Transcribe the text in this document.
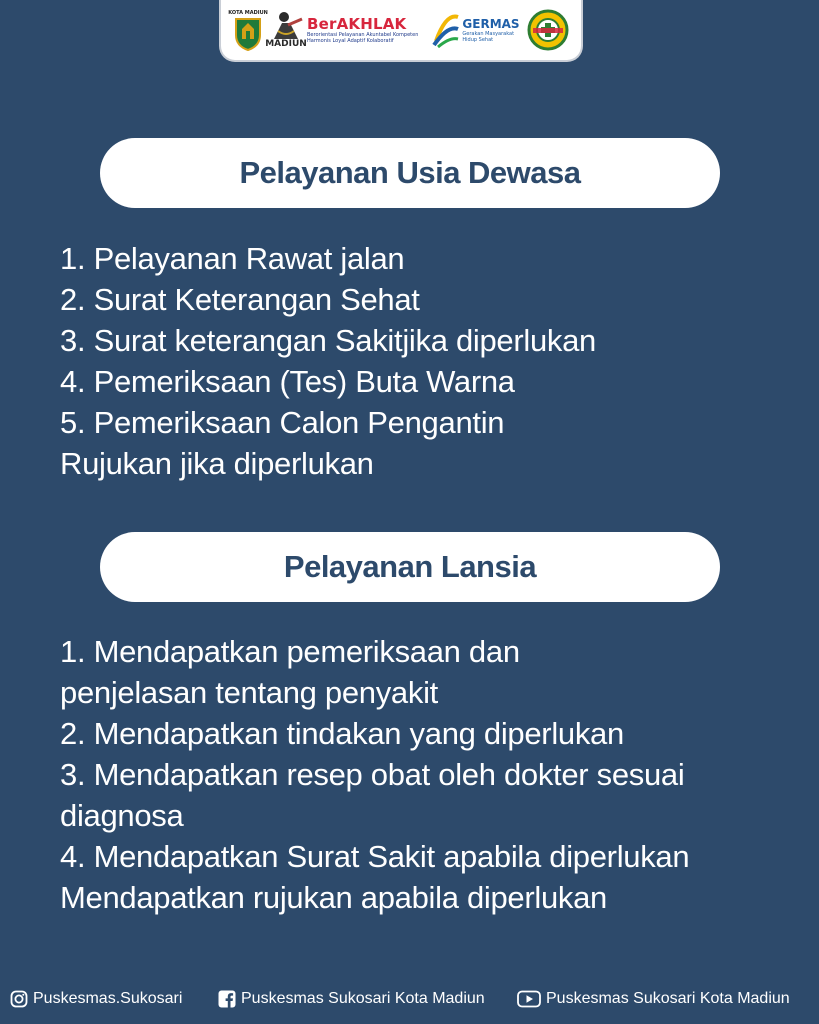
KOTA MADIUN
MADIUN
BerAKHLAK
Berorientasi Pelayanan Akuntabel Kompeten
Harmonis Loyal Adaptif Kolaboratif
GERMAS
Gerakan Masyarakat
Hidup Sehat
Pelayanan Usia Dewasa
1. Pelayanan Rawat jalan
2. Surat Keterangan Sehat
3. Surat keterangan Sakitjika diperlukan
4. Pemeriksaan (Tes) Buta Warna
5. Pemeriksaan Calon Pengantin
Rujukan jika diperlukan
Pelayanan Lansia
1. Mendapatkan pemeriksaan dan
penjelasan tentang penyakit
2. Mendapatkan tindakan yang diperlukan
3. Mendapatkan resep obat oleh dokter sesuai
diagnosa
4. Mendapatkan Surat Sakit apabila diperlukan
Mendapatkan rujukan apabila diperlukan
Puskesmas.Sukosari	Puskesmas Sukosari Kota Madiun	Puskesmas Sukosari Kota Madiun
